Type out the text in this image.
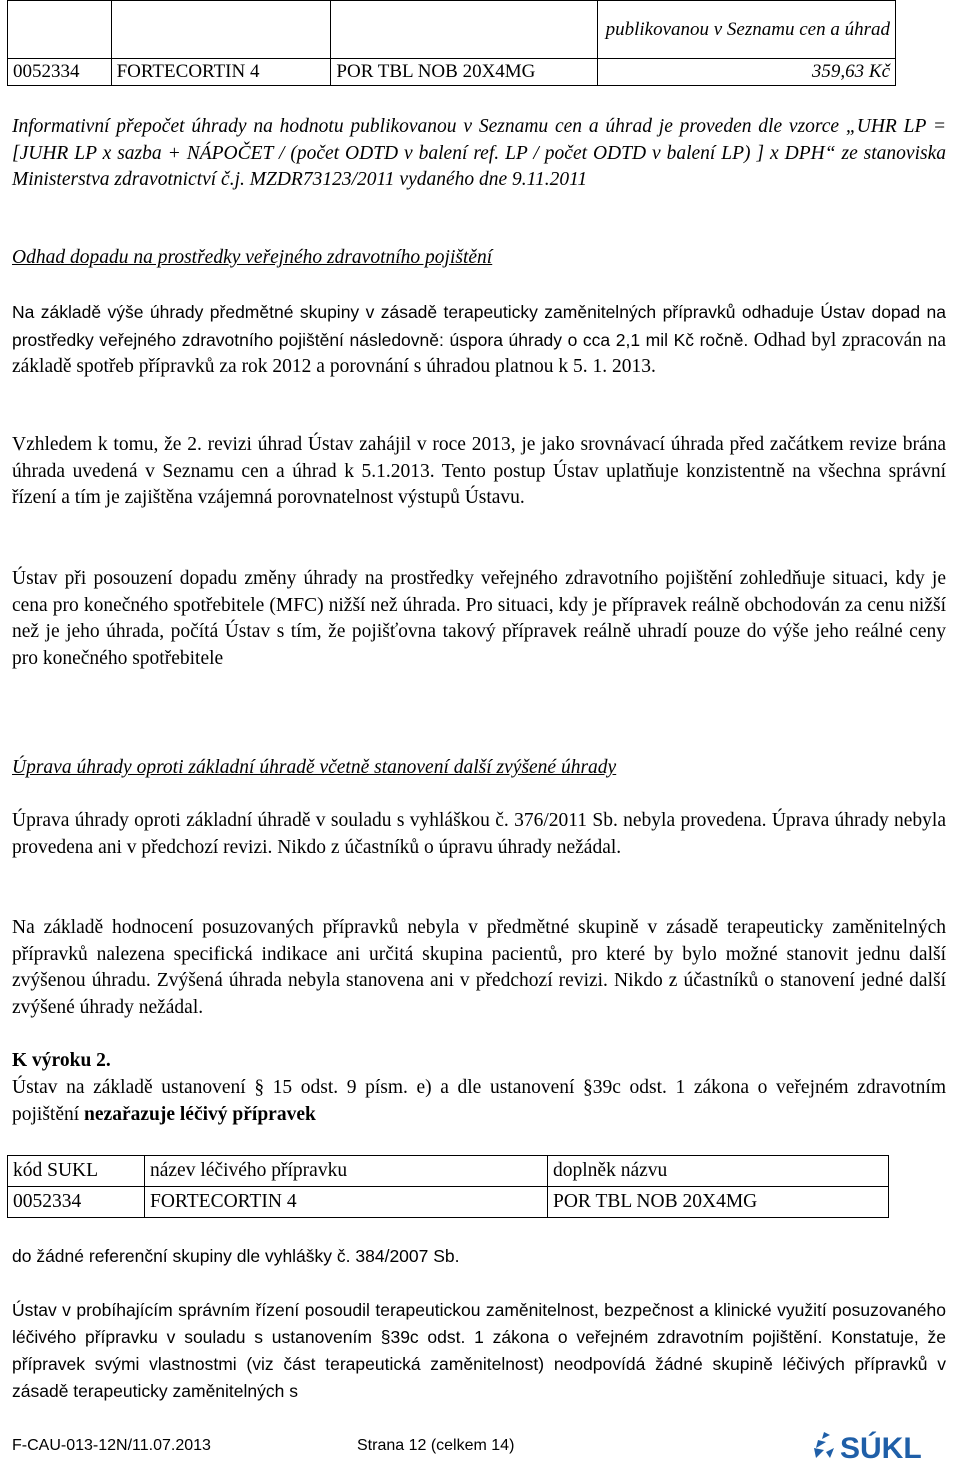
			publikovanou v Seznamu cen a úhrad
0052334	FORTECORTIN 4	POR TBL NOB 20X4MG	359,63 Kč

Informativní přepočet úhrady na hodnotu publikovanou v Seznamu cen a úhrad je proveden dle vzorce „UHR LP = [JUHR LP x sazba + NÁPOČET / (počet ODTD v balení ref. LP / počet ODTD v balení LP) ] x DPH“ ze stanoviska Ministerstva zdravotnictví č.j. MZDR73123/2011 vydaného dne 9.11.2011

Odhad dopadu na prostředky veřejného zdravotního pojištění

Na základě výše úhrady předmětné skupiny v zásadě terapeuticky zaměnitelných přípravků odhaduje Ústav dopad na prostředky veřejného zdravotního pojištění následovně: úspora úhrady o cca 2,1 mil Kč ročně. Odhad byl zpracován na základě spotřeb přípravků za rok 2012 a porovnání s úhradou platnou k 5. 1. 2013.

Vzhledem k tomu, že 2. revizi úhrad Ústav zahájil v roce 2013, je jako srovnávací úhrada před začátkem revize brána úhrada uvedená v Seznamu cen a úhrad k 5.1.2013. Tento postup Ústav uplatňuje konzistentně na všechna správní řízení a tím je zajištěna vzájemná porovnatelnost výstupů Ústavu.

Ústav při posouzení dopadu změny úhrady na prostředky veřejného zdravotního pojištění zohledňuje situaci, kdy je cena pro konečného spotřebitele (MFC) nižší než úhrada. Pro situaci, kdy je přípravek reálně obchodován za cenu nižší než je jeho úhrada, počítá Ústav s tím, že pojišťovna takový přípravek reálně uhradí pouze do výše jeho reálné ceny pro konečného spotřebitele

Úprava úhrady oproti základní úhradě včetně stanovení další zvýšené úhrady

Úprava úhrady oproti základní úhradě v souladu s vyhláškou č. 376/2011 Sb. nebyla provedena. Úprava úhrady nebyla provedena ani v předchozí revizi. Nikdo z účastníků o úpravu úhrady nežádal.

Na základě hodnocení posuzovaných přípravků nebyla v předmětné skupině v zásadě terapeuticky zaměnitelných přípravků nalezena specifická indikace ani určitá skupina pacientů, pro které by bylo možné stanovit jednu další zvýšenou úhradu. Zvýšená úhrada nebyla stanovena ani v předchozí revizi. Nikdo z účastníků o stanovení jedné další zvýšené úhrady nežádal.

K výroku 2.

Ústav na základě ustanovení § 15 odst. 9 písm. e) a dle ustanovení §39c odst. 1 zákona o veřejném zdravotním pojištění nezařazuje léčivý přípravek

kód SUKL	název léčivého přípravku	doplněk názvu
0052334	FORTECORTIN 4	POR TBL NOB 20X4MG

do žádné referenční skupiny dle vyhlášky č. 384/2007 Sb.

Ústav v probíhajícím správním řízení posoudil terapeutickou zaměnitelnost, bezpečnost a klinické využití posuzovaného léčivého přípravku v souladu s ustanovením §39c odst. 1 zákona o veřejném zdravotním pojištění. Konstatuje, že přípravek svými vlastnostmi (viz část terapeutická zaměnitelnost) neodpovídá žádné skupině léčivých přípravků v zásadě terapeuticky zaměnitelných s

F-CAU-013-12N/11.07.2013	Strana 12 (celkem 14)	SÚKL
